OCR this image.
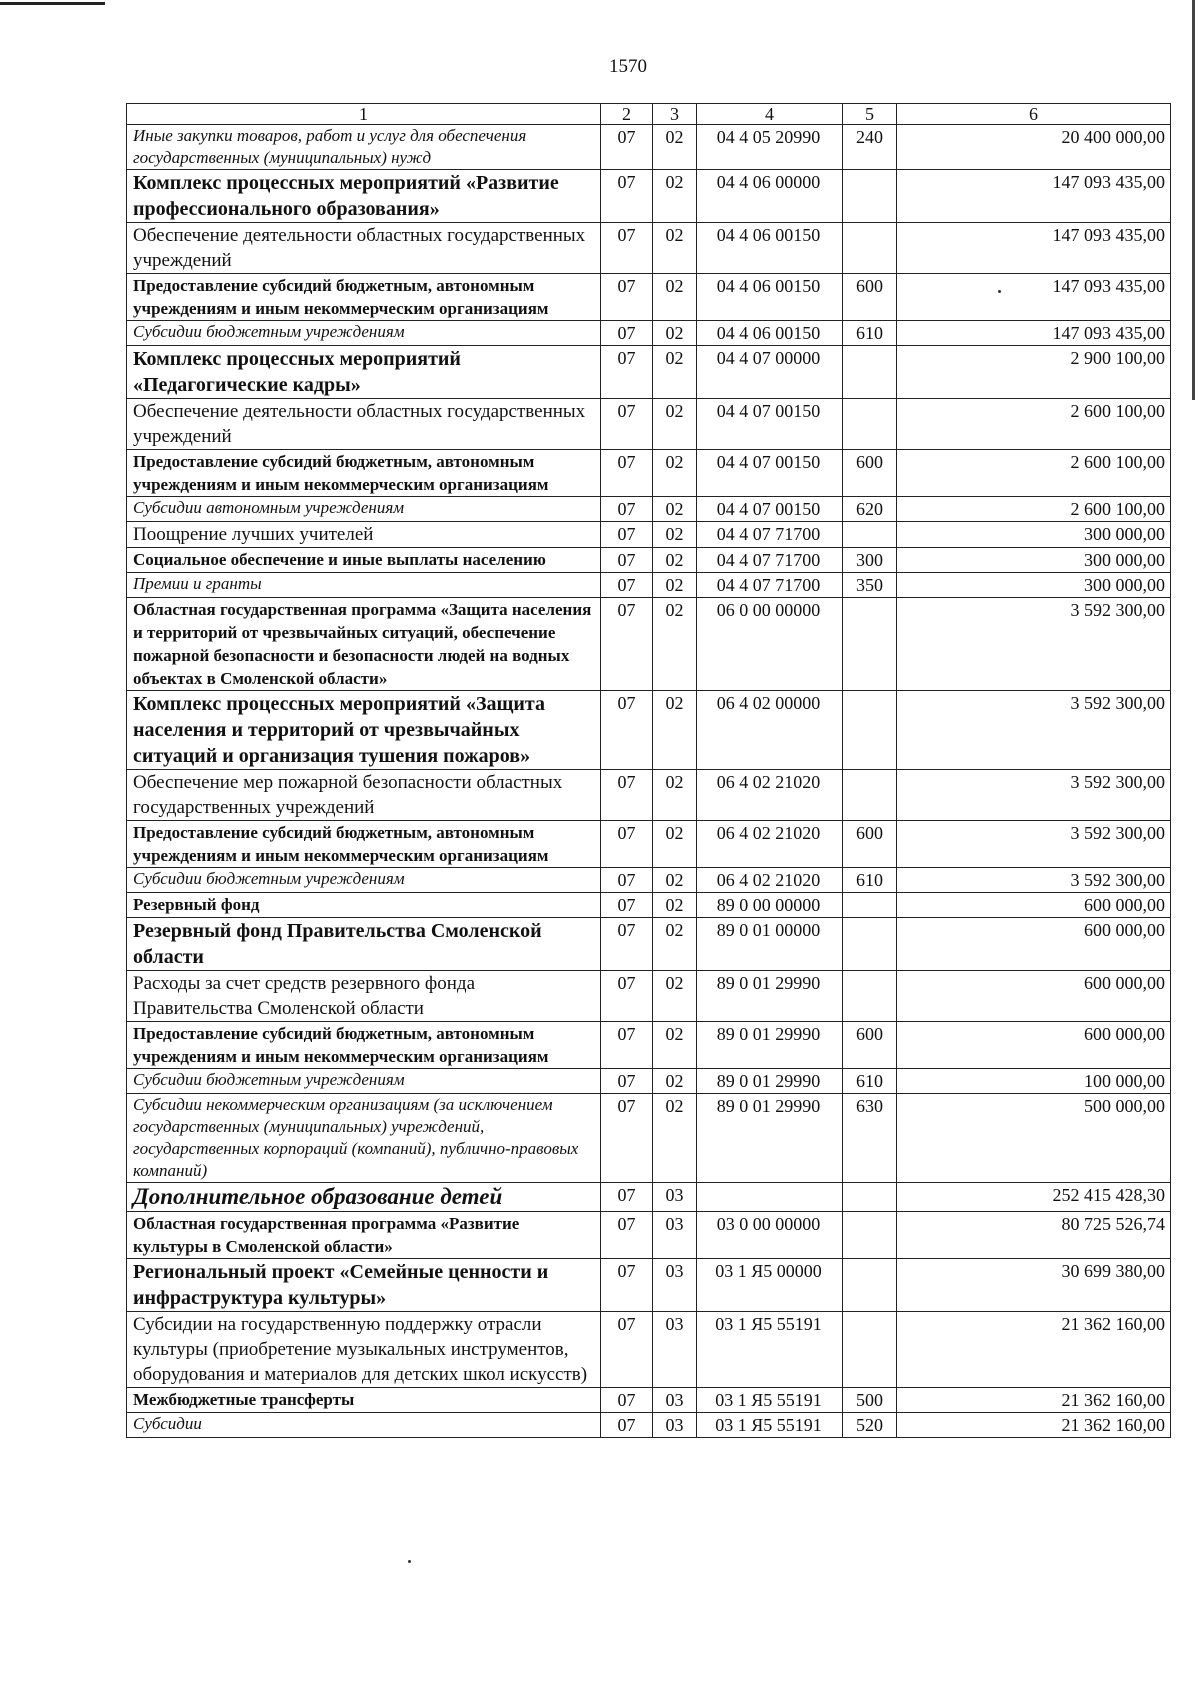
1570
1	2	3	4	5	6
Иные закупки товаров, работ и услуг для обеспечения государственных (муниципальных) нужд	07	02	04 4 05 20990	240	20 400 000,00
Комплекс процессных мероприятий «Развитие профессионального образования»	07	02	04 4 06 00000		147 093 435,00
Обеспечение деятельности областных государственных учреждений	07	02	04 4 06 00150		147 093 435,00
Предоставление субсидий бюджетным, автономным учреждениям и иным некоммерческим организациям	07	02	04 4 06 00150	600	147 093 435,00
Субсидии бюджетным учреждениям	07	02	04 4 06 00150	610	147 093 435,00
Комплекс процессных мероприятий «Педагогические кадры»	07	02	04 4 07 00000		2 900 100,00
Обеспечение деятельности областных государственных учреждений	07	02	04 4 07 00150		2 600 100,00
Предоставление субсидий бюджетным, автономным учреждениям и иным некоммерческим организациям	07	02	04 4 07 00150	600	2 600 100,00
Субсидии автономным учреждениям	07	02	04 4 07 00150	620	2 600 100,00
Поощрение лучших учителей	07	02	04 4 07 71700		300 000,00
Социальное обеспечение и иные выплаты населению	07	02	04 4 07 71700	300	300 000,00
Премии и гранты	07	02	04 4 07 71700	350	300 000,00
Областная государственная программа «Защита населения и территорий от чрезвычайных ситуаций, обеспечение пожарной безопасности и безопасности людей на водных объектах в Смоленской области»	07	02	06 0 00 00000		3 592 300,00
Комплекс процессных мероприятий «Защита населения и территорий от чрезвычайных ситуаций и организация тушения пожаров»	07	02	06 4 02 00000		3 592 300,00
Обеспечение мер пожарной безопасности областных государственных учреждений	07	02	06 4 02 21020		3 592 300,00
Предоставление субсидий бюджетным, автономным учреждениям и иным некоммерческим организациям	07	02	06 4 02 21020	600	3 592 300,00
Субсидии бюджетным учреждениям	07	02	06 4 02 21020	610	3 592 300,00
Резервный фонд	07	02	89 0 00 00000		600 000,00
Резервный фонд Правительства Смоленской области	07	02	89 0 01 00000		600 000,00
Расходы за счет средств резервного фонда Правительства Смоленской области	07	02	89 0 01 29990		600 000,00
Предоставление субсидий бюджетным, автономным учреждениям и иным некоммерческим организациям	07	02	89 0 01 29990	600	600 000,00
Субсидии бюджетным учреждениям	07	02	89 0 01 29990	610	100 000,00
Субсидии некоммерческим организациям (за исключением государственных (муниципальных) учреждений, государственных корпораций (компаний), публично-правовых компаний)	07	02	89 0 01 29990	630	500 000,00
Дополнительное образование детей	07	03			252 415 428,30
Областная государственная программа «Развитие культуры в Смоленской области»	07	03	03 0 00 00000		80 725 526,74
Региональный проект «Семейные ценности и инфраструктура культуры»	07	03	03 1 Я5 00000		30 699 380,00
Субсидии на государственную поддержку отрасли культуры (приобретение музыкальных инструментов, оборудования и материалов для детских школ искусств)	07	03	03 1 Я5 55191		21 362 160,00
Межбюджетные трансферты	07	03	03 1 Я5 55191	500	21 362 160,00
Субсидии	07	03	03 1 Я5 55191	520	21 362 160,00
